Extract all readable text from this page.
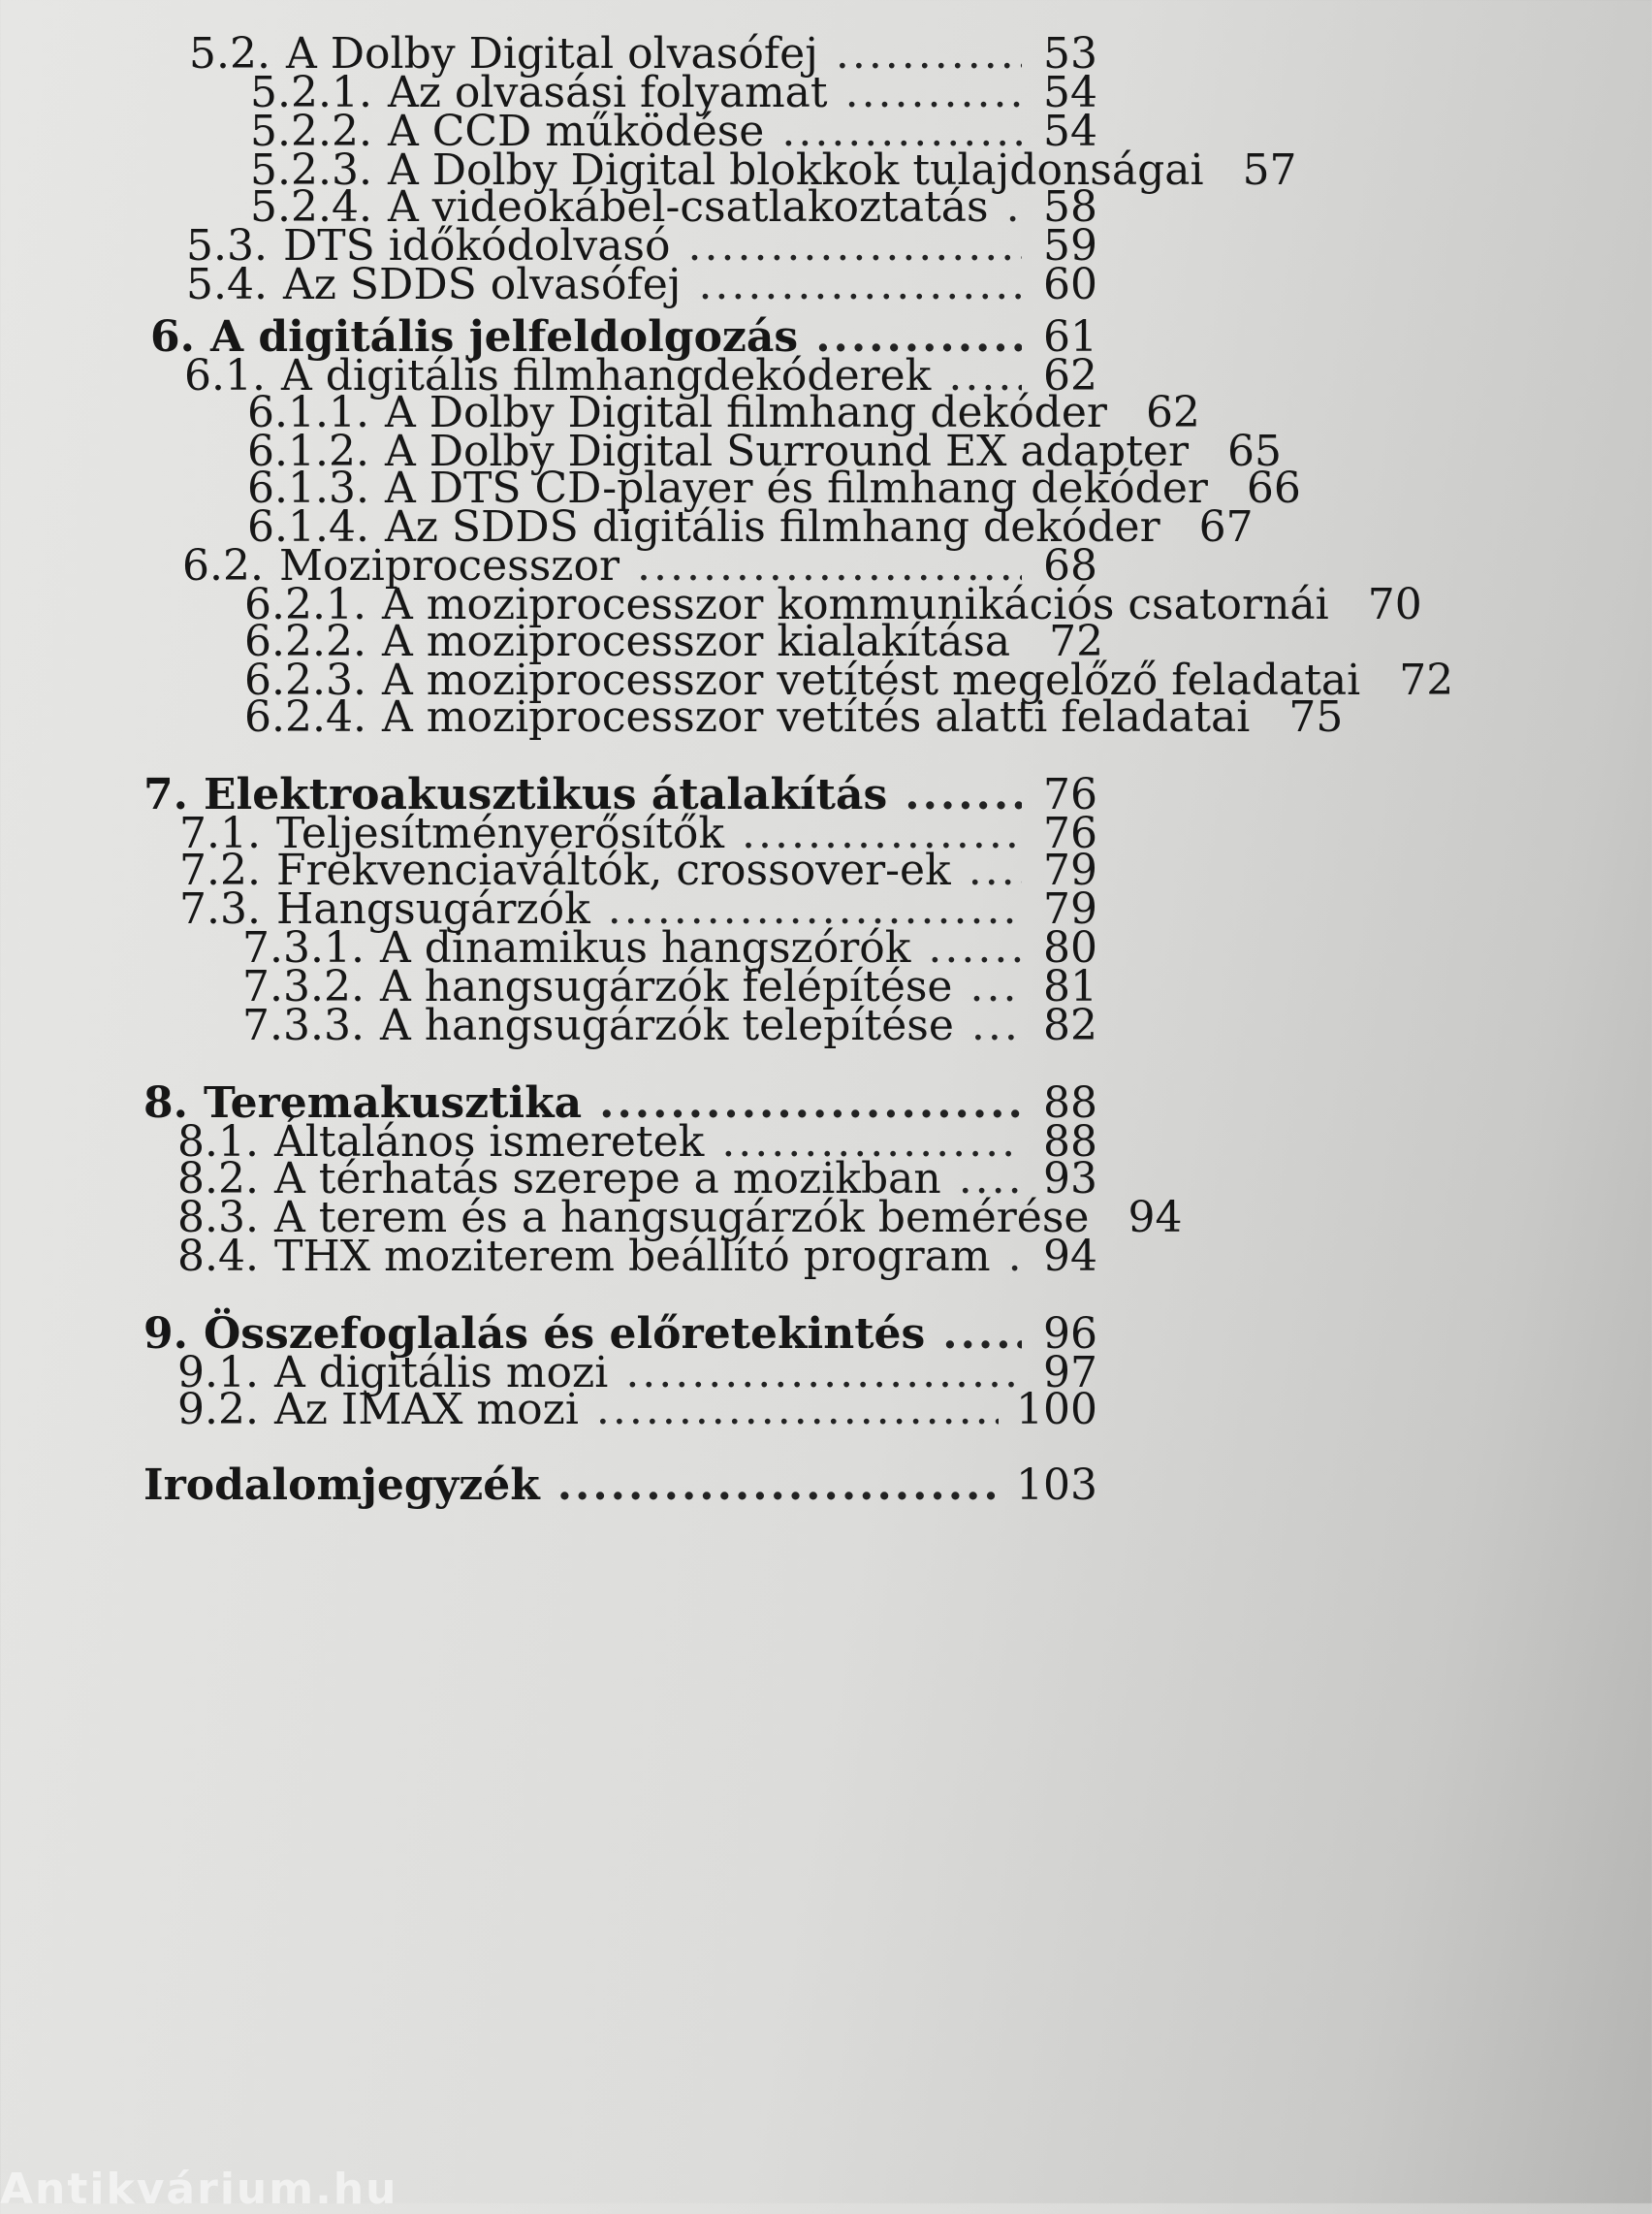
5.2. A Dolby Digital olvasófej .....	53
5.2.1. Az olvasási folyamat .....	54
5.2.2. A CCD működése .....	54
5.2.3. A Dolby Digital blokkok tulajdonságai 57
5.2.4. A videokábel-csatlakoztatás ..... 58
5.3. DTS időkódolvasó .....	59
5.4. Az SDDS olvasófej .....	60
6. A digitális jelfeldolgozás .....	61
6.1. A digitális filmhangdekóderek .....	62
6.1.1. A Dolby Digital filmhang dekóder 62
6.1.2. A Dolby Digital Surround EX adapter 65
6.1.3. A DTS CD-player és filmhang dekóder 66
6.1.4. Az SDDS digitális filmhang dekóder 67
6.2. Moziprocesszor .....	68
6.2.1. A moziprocesszor kommunikációs csatornái 70
6.2.2. A moziprocesszor kialakítása 72
6.2.3. A moziprocesszor vetítést megelőző feladatai 72
6.2.4. A moziprocesszor vetítés alatti feladatai 75
7. Elektroakusztikus átalakítás .....	76
7.1. Teljesítményerősítők .....	76
7.2. Frekvenciaváltók, crossover-ek ..... 79
7.3. Hangsugárzók .....	79
7.3.1. A dinamikus hangszórók .....	80
7.3.2. A hangsugárzók felépítése ..... 81
7.3.3. A hangsugárzók telepítése ..... 82
8. Teremakusztika .....	88
8.1. Általános ismeretek .....	88
8.2. A térhatás szerepe a mozikban ..... 93
8.3. A terem és a hangsugárzók bemérése 94
8.4. THX moziterem beállító program ..... 94
9. Összefoglalás és előretekintés .....	96
9.1. A digitális mozi .....	97
9.2. Az IMAX mozi .....	100
Irodalomjegyzék .....	103
Antikvárium.hu
